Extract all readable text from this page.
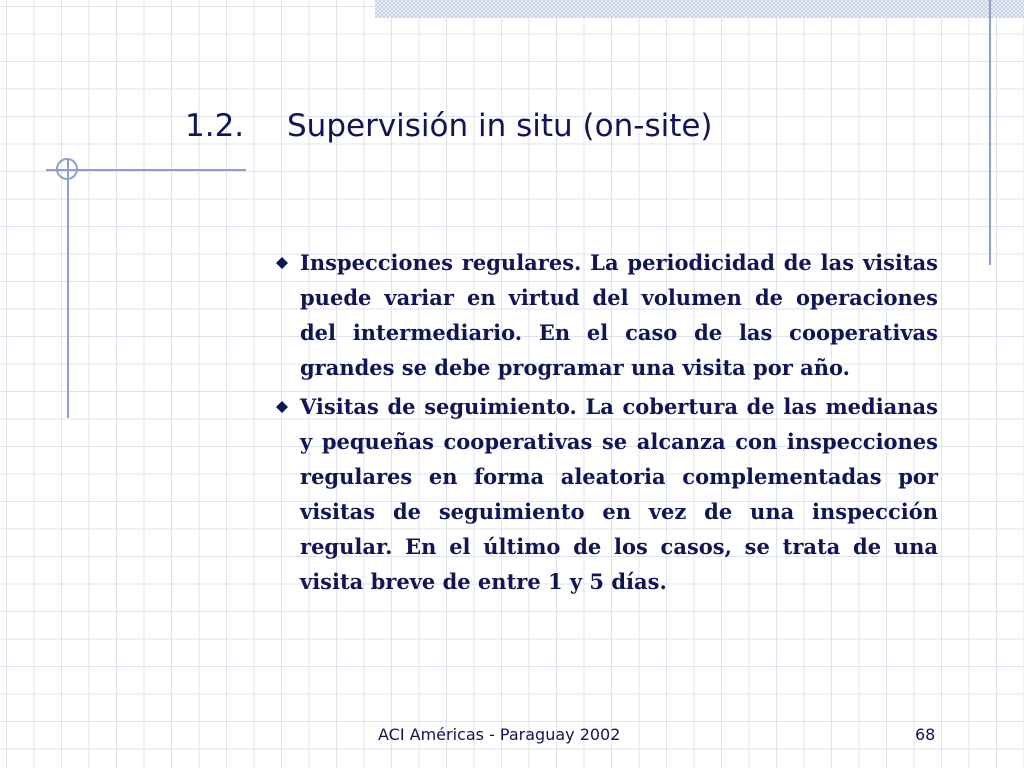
1.2. Supervisión in situ (on-site)
Inspecciones regulares. La periodicidad de las visitas puede variar en virtud del volumen de operaciones del intermediario. En el caso de las cooperativas grandes se debe programar una visita por año.
Visitas de seguimiento. La cobertura de las medianas y pequeñas cooperativas se alcanza con inspecciones regulares en forma aleatoria complementadas por visitas de seguimiento en vez de una inspección regular. En el último de los casos, se trata de una visita breve de entre 1 y 5 días.
ACI Américas - Paraguay 2002	68
